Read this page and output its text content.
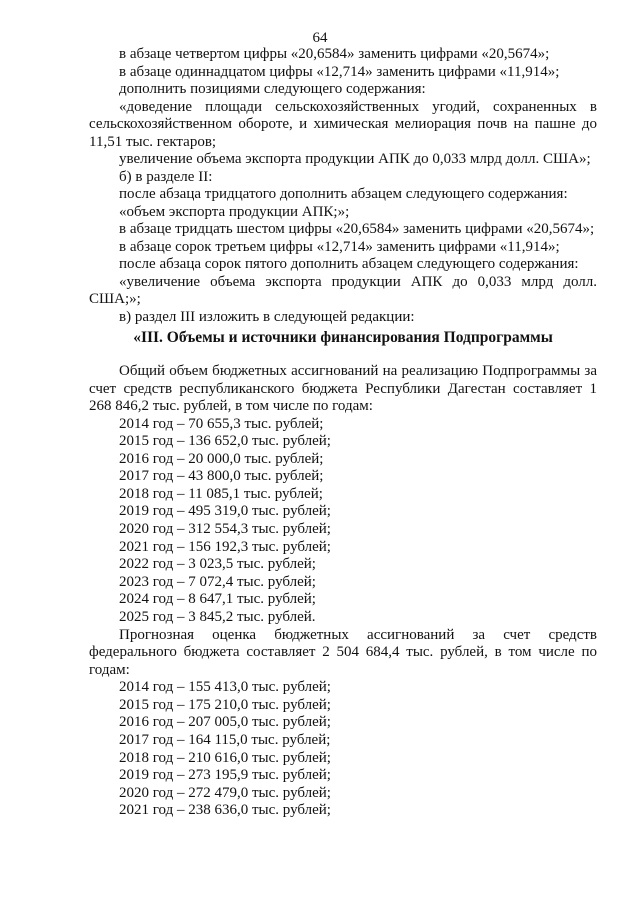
64

в абзаце четвертом цифры «20,6584» заменить цифрами «20,5674»;

в абзаце одиннадцатом цифры «12,714» заменить цифрами «11,914»;

дополнить позициями следующего содержания:

«доведение площади сельскохозяйственных угодий, сохраненных в сельскохозяйственном обороте, и химическая мелиорация почв на пашне до 11,51 тыс. гектаров;

увеличение объема экспорта продукции АПК до 0,033 млрд долл. США»;

б) в разделе II:

после абзаца тридцатого дополнить абзацем следующего содержания:

«объем экспорта продукции АПК;»;

в абзаце тридцать шестом цифры «20,6584» заменить цифрами «20,5674»;

в абзаце сорок третьем цифры «12,714» заменить цифрами «11,914»;

после абзаца сорок пятого дополнить абзацем следующего содержания:

«увеличение объема экспорта продукции АПК до 0,033 млрд долл. США;»;

в) раздел III изложить в следующей редакции:

«III. Объемы и источники финансирования Подпрограммы

Общий объем бюджетных ассигнований на реализацию Подпрограммы за счет средств республиканского бюджета Республики Дагестан составляет 1 268 846,2 тыс. рублей, в том числе по годам:

2014 год – 70 655,3 тыс. рублей;

2015 год – 136 652,0 тыс. рублей;

2016 год – 20 000,0 тыс. рублей;

2017 год – 43 800,0 тыс. рублей;

2018 год – 11 085,1 тыс. рублей;

2019 год – 495 319,0 тыс. рублей;

2020 год – 312 554,3 тыс. рублей;

2021 год – 156 192,3 тыс. рублей;

2022 год – 3 023,5 тыс. рублей;

2023 год – 7 072,4 тыс. рублей;

2024 год – 8 647,1 тыс. рублей;

2025 год – 3 845,2 тыс. рублей.

Прогнозная оценка бюджетных ассигнований за счет средств федерального бюджета составляет 2 504 684,4 тыс. рублей, в том числе по годам:

2014 год – 155 413,0 тыс. рублей;

2015 год – 175 210,0 тыс. рублей;

2016 год – 207 005,0 тыс. рублей;

2017 год – 164 115,0 тыс. рублей;

2018 год – 210 616,0 тыс. рублей;

2019 год – 273 195,9 тыс. рублей;

2020 год – 272 479,0 тыс. рублей;

2021 год – 238 636,0 тыс. рублей;
